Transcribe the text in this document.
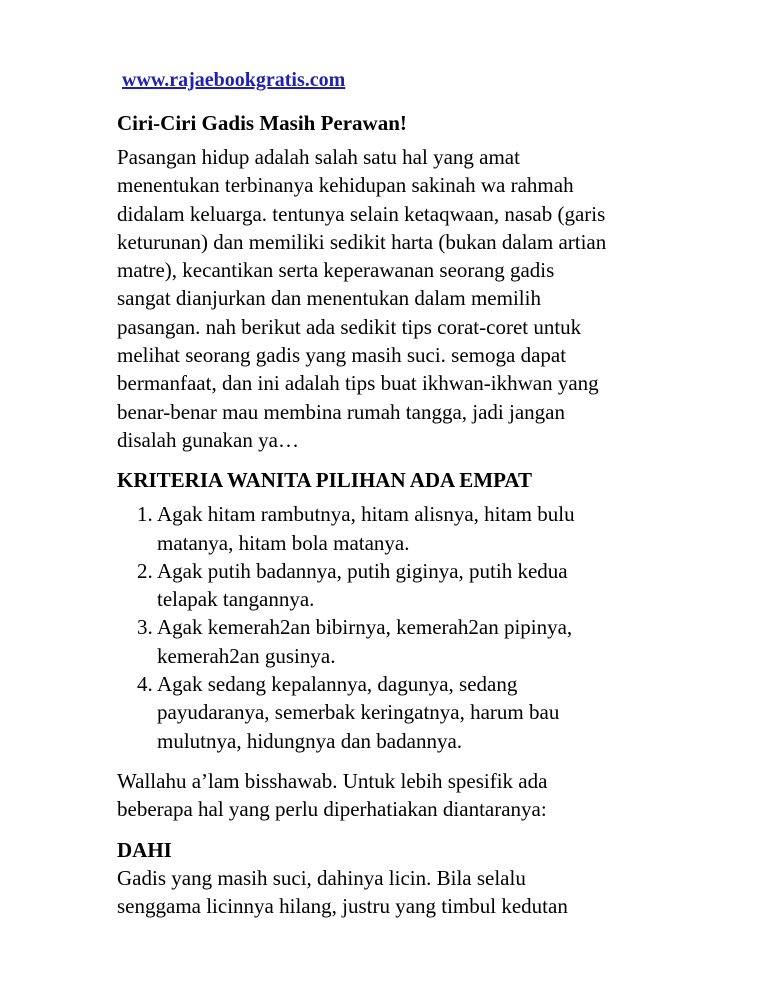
www.rajaebookgratis.com
Ciri-Ciri Gadis Masih Perawan!
Pasangan hidup adalah salah satu hal yang amat
menentukan terbinanya kehidupan sakinah wa rahmah
didalam keluarga. tentunya selain ketaqwaan, nasab (garis
keturunan) dan memiliki sedikit harta (bukan dalam artian
matre), kecantikan serta keperawanan seorang gadis
sangat dianjurkan dan menentukan dalam memilih
pasangan. nah berikut ada sedikit tips corat-coret untuk
melihat seorang gadis yang masih suci. semoga dapat
bermanfaat, dan ini adalah tips buat ikhwan-ikhwan yang
benar-benar mau membina rumah tangga, jadi jangan
disalah gunakan ya…
KRITERIA WANITA PILIHAN ADA EMPAT
1. Agak hitam rambutnya, hitam alisnya, hitam bulu
matanya, hitam bola matanya.
2. Agak putih badannya, putih giginya, putih kedua
telapak tangannya.
3. Agak kemerah2an bibirnya, kemerah2an pipinya,
kemerah2an gusinya.
4. Agak sedang kepalannya, dagunya, sedang
payudaranya, semerbak keringatnya, harum bau
mulutnya, hidungnya dan badannya.
Wallahu a’lam bisshawab. Untuk lebih spesifik ada
beberapa hal yang perlu diperhatiakan diantaranya:
DAHI
Gadis yang masih suci, dahinya licin. Bila selalu
senggama licinnya hilang, justru yang timbul kedutan
